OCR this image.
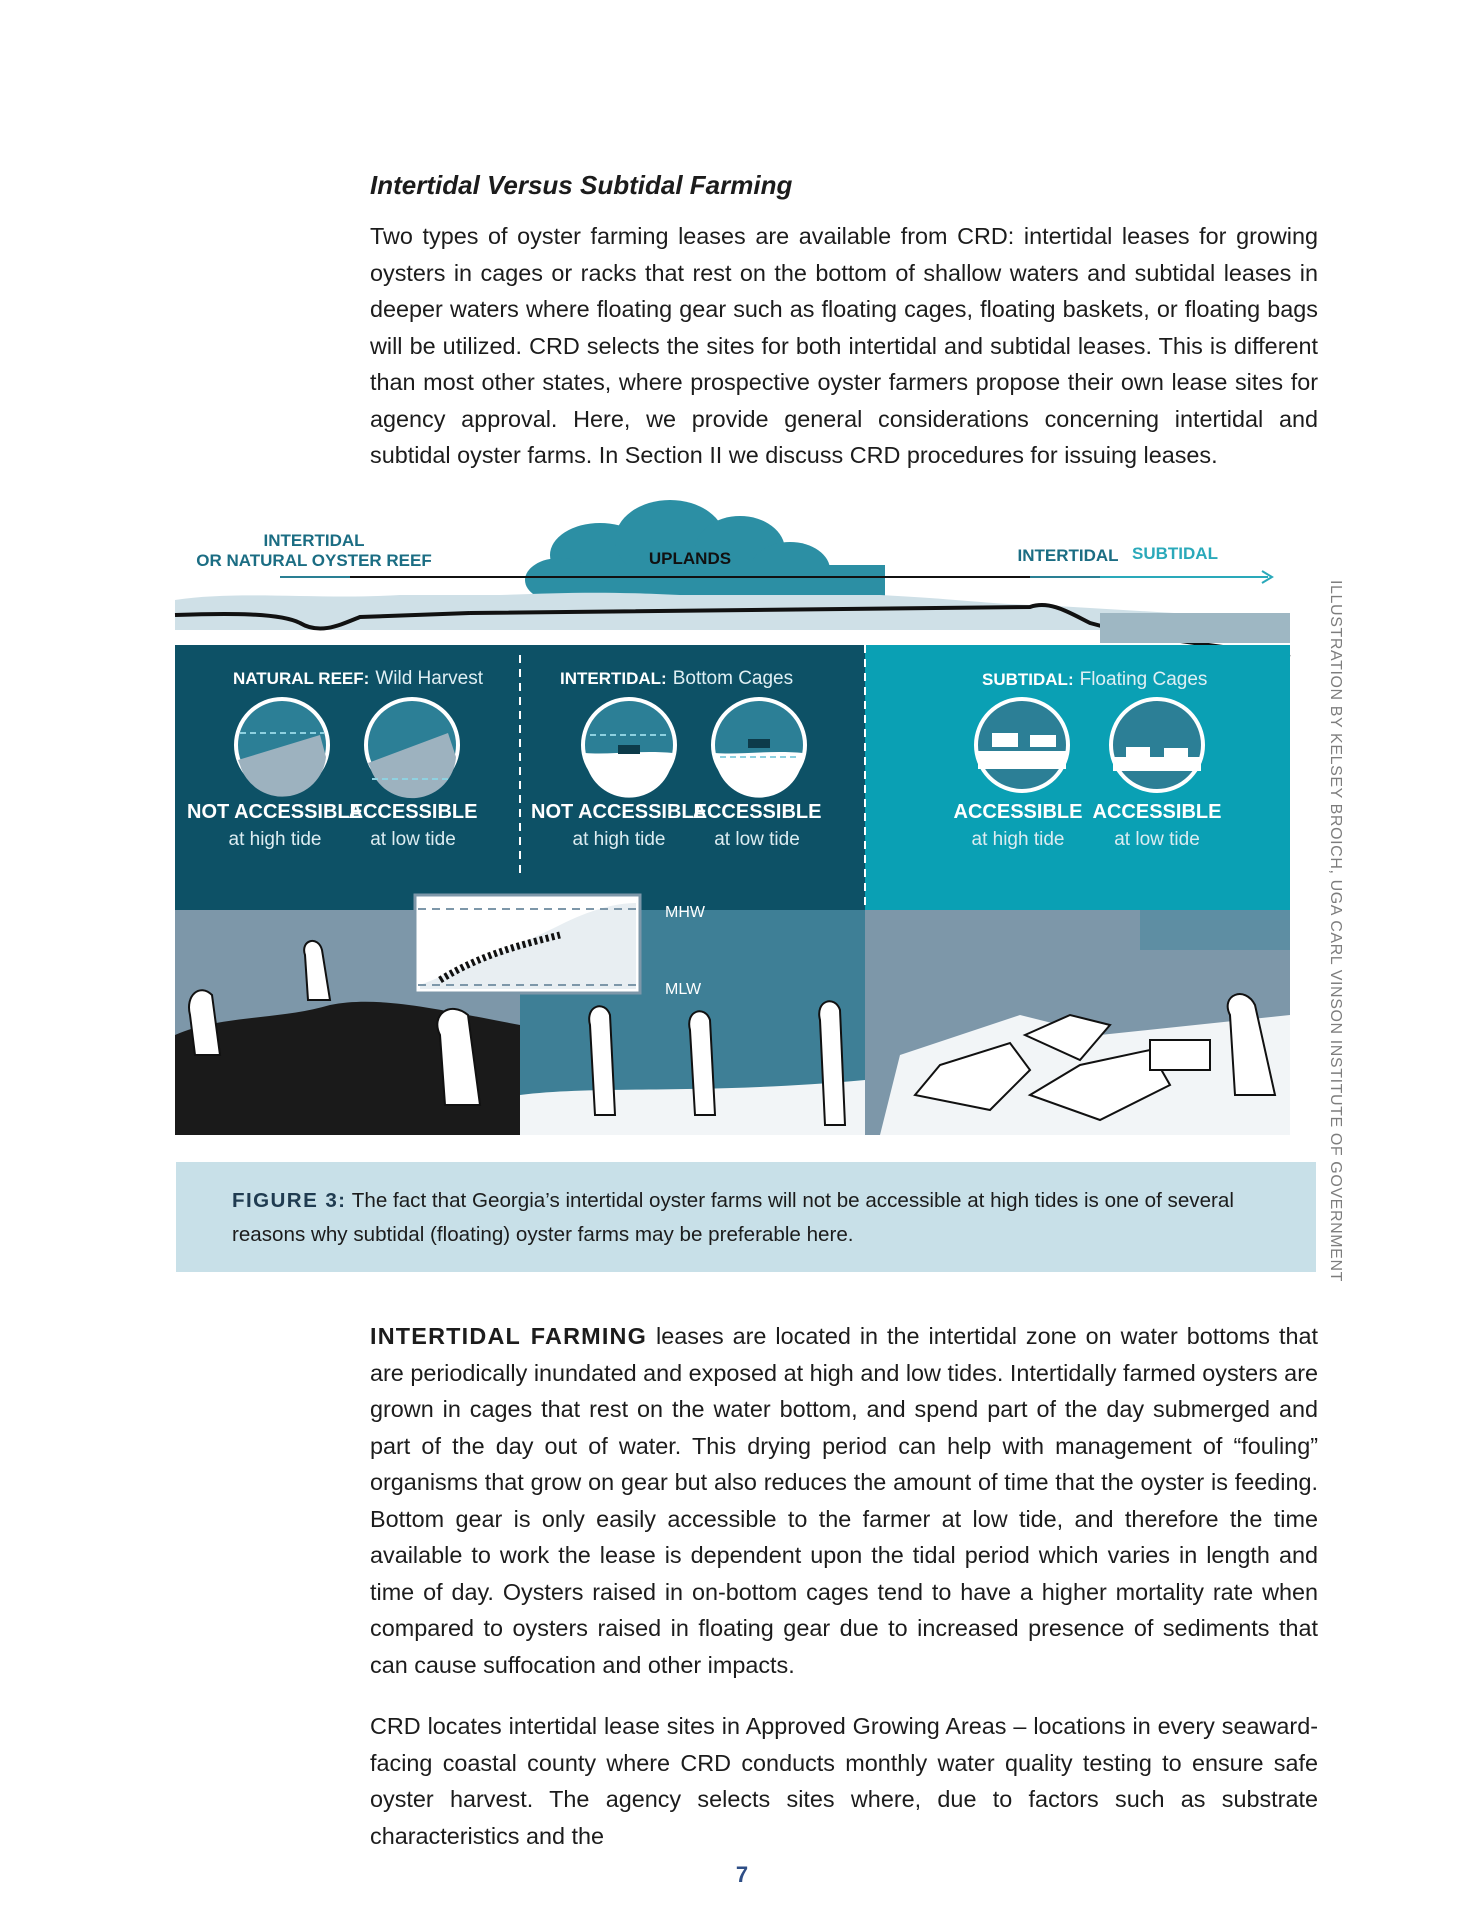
Intertidal Versus Subtidal Farming

Two types of oyster farming leases are available from CRD: intertidal leases for growing oysters in cages or racks that rest on the bottom of shallow waters and subtidal leases in deeper waters where floating gear such as floating cages, floating baskets, or floating bags will be utilized. CRD selects the sites for both intertidal and subtidal leases. This is different than most other states, where prospective oyster farmers propose their own lease sites for agency approval. Here, we provide general considerations concerning intertidal and subtidal oyster farms. In Section II we discuss CRD procedures for issuing leases.

INTERTIDAL
OR NATURAL OYSTER REEF	UPLANDS	INTERTIDAL SUBTIDAL
NATURAL REEF: Wild Harvest	INTERTIDAL: Bottom Cages	SUBTIDAL: Floating Cages
NOT ACCESSIBLE
at high tide
ACCESSIBLE
at low tide
NOT ACCESSIBLE
at high tide
ACCESSIBLE
at low tide
ACCESSIBLE
at high tide
ACCESSIBLE
at low tide
MHW
MLW
FIGURE 3: The fact that Georgia’s intertidal oyster farms will not be accessible at high tides is one of several reasons why subtidal (floating) oyster farms may be preferable here.	ILLUSTRATION BY KELSEY BROICH, UGA CARL VINSON INSTITUTE OF GOVERNMENT

INTERTIDAL FARMING leases are located in the intertidal zone on water bottoms that are periodically inundated and exposed at high and low tides. Intertidally farmed oysters are grown in cages that rest on the water bottom, and spend part of the day submerged and part of the day out of water. This drying period can help with management of “fouling” organisms that grow on gear but also reduces the amount of time that the oyster is feeding. Bottom gear is only easily accessible to the farmer at low tide, and therefore the time available to work the lease is dependent upon the tidal period which varies in length and time of day. Oysters raised in on-bottom cages tend to have a higher mortality rate when compared to oysters raised in floating gear due to increased presence of sediments that can cause suffocation and other impacts.

CRD locates intertidal lease sites in Approved Growing Areas – locations in every seaward-facing coastal county where CRD conducts monthly water quality testing to ensure safe oyster harvest. The agency selects sites where, due to factors such as substrate characteristics and the

7
